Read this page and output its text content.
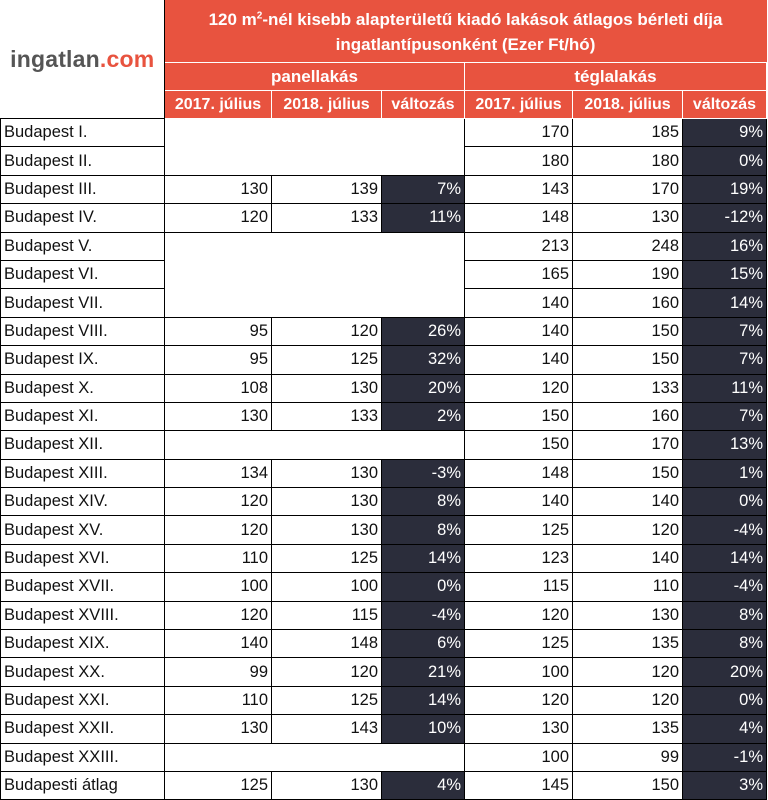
ingatlan.com	120 $m^2$-nél kisebb alapterületű kiadó lakások átlagos bérleti díja
ingatlantípusonként (Ezer Ft/hó)					
	panellakás			téglalakás		
	2017. július	2018. július	változás	2017. július	2018. július	változás
Budapest I.				170	185	9%
Budapest II.				180	180	0%
Budapest III.	130	139	7%	143	170	19%
Budapest IV.	120	133	11%	148	130	-12%
Budapest V.				213	248	16%
Budapest VI.				165	190	15%
Budapest VII.				140	160	14%
Budapest VIII.	95	120	26%	140	150	7%
Budapest IX.	95	125	32%	140	150	7%
Budapest X.	108	130	20%	120	133	11%
Budapest XI.	130	133	2%	150	160	7%
Budapest XII.				150	170	13%
Budapest XIII.	134	130	-3%	148	150	1%
Budapest XIV.	120	130	8%	140	140	0%
Budapest XV.	120	130	8%	125	120	-4%
Budapest XVI.	110	125	14%	123	140	14%
Budapest XVII.	100	100	0%	115	110	-4%
Budapest XVIII.	120	115	-4%	120	130	8%
Budapest XIX.	140	148	6%	125	135	8%
Budapest XX.	99	120	21%	100	120	20%
Budapest XXI.	110	125	14%	120	120	0%
Budapest XXII.	130	143	10%	130	135	4%
Budapest XXIII.				100	99	-1%
Budapesti átlag	125	130	4%	145	150	3%
